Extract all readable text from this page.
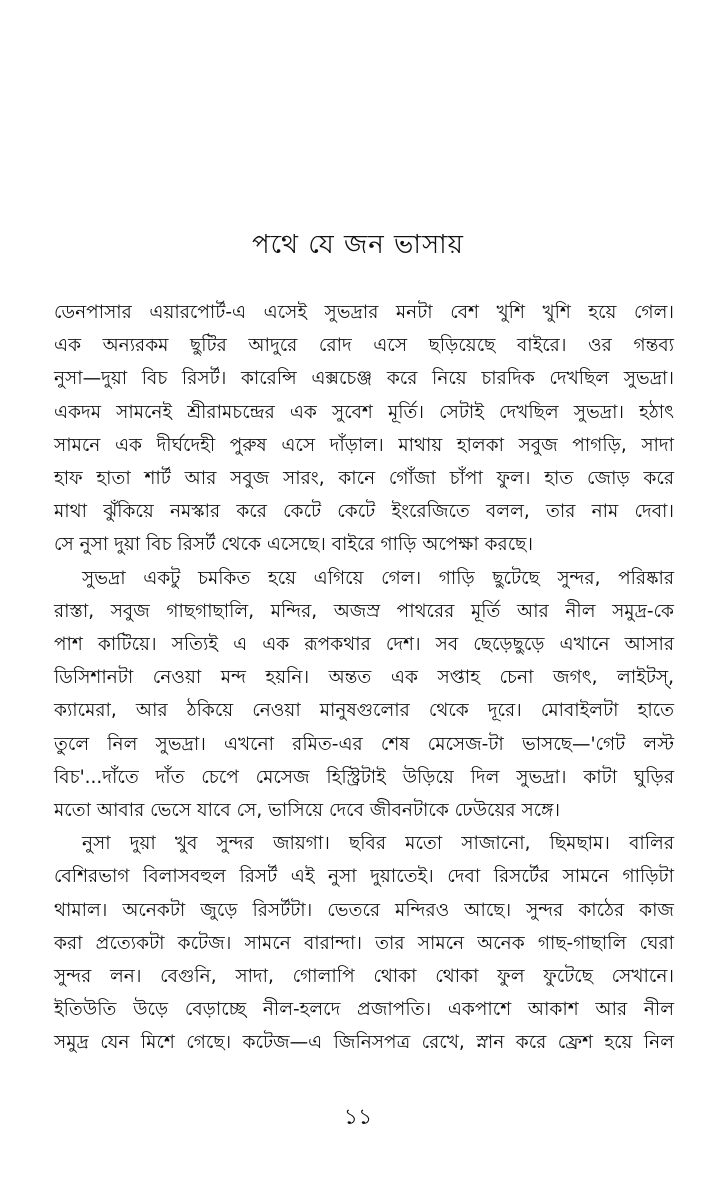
পথে যে জন ভাসায়
ডেনপাসার এয়ারপোর্ট-এ এসেই সুভদ্রার মনটা বেশ খুশি খুশি হয়ে গেল।
এক অন্যরকম ছুটির আদুরে রোদ এসে ছড়িয়েছে বাইরে। ওর গন্তব্য
নুসা—দুয়া বিচ রিসর্ট। কারেন্সি এক্সচেঞ্জ করে নিয়ে চারদিক দেখছিল সুভদ্রা।
একদম সামনেই শ্রীরামচন্দ্রের এক সুবেশ মূর্তি। সেটাই দেখছিল সুভদ্রা। হঠাৎ
সামনে এক দীর্ঘদেহী পুরুষ এসে দাঁড়াল। মাথায় হালকা সবুজ পাগড়ি, সাদা
হাফ হাতা শার্ট আর সবুজ সারং, কানে গোঁজা চাঁপা ফুল। হাত জোড় করে
মাথা ঝুঁকিয়ে নমস্কার করে কেটে কেটে ইংরেজিতে বলল, তার নাম দেবা।
সে নুসা দুয়া বিচ রিসর্ট থেকে এসেছে। বাইরে গাড়ি অপেক্ষা করছে।
সুভদ্রা একটু চমকিত হয়ে এগিয়ে গেল। গাড়ি ছুটেছে সুন্দর, পরিষ্কার
রাস্তা, সবুজ গাছগাছালি, মন্দির, অজস্র পাথরের মূর্তি আর নীল সমুদ্র-কে
পাশ কাটিয়ে। সত্যিই এ এক রূপকথার দেশ। সব ছেড়েছুড়ে এখানে আসার
ডিসিশানটা নেওয়া মন্দ হয়নি। অন্তত এক সপ্তাহ চেনা জগৎ, লাইটস্,
ক্যামেরা, আর ঠকিয়ে নেওয়া মানুষগুলোর থেকে দূরে। মোবাইলটা হাতে
তুলে নিল সুভদ্রা। এখনো রমিত-এর শেষ মেসেজ-টা ভাসছে—'গেট লস্ট
বিচ'...দাঁতে দাঁত চেপে মেসেজ হিস্ট্রিটাই উড়িয়ে দিল সুভদ্রা। কাটা ঘুড়ির
মতো আবার ভেসে যাবে সে, ভাসিয়ে দেবে জীবনটাকে ঢেউয়ের সঙ্গে।
নুসা দুয়া খুব সুন্দর জায়গা। ছবির মতো সাজানো, ছিমছাম। বালির
বেশিরভাগ বিলাসবহুল রিসর্ট এই নুসা দুয়াতেই। দেবা রিসর্টের সামনে গাড়িটা
থামাল। অনেকটা জুড়ে রিসর্টটা। ভেতরে মন্দিরও আছে। সুন্দর কাঠের কাজ
করা প্রত্যেকটা কটেজ। সামনে বারান্দা। তার সামনে অনেক গাছ-গাছালি ঘেরা
সুন্দর লন। বেগুনি, সাদা, গোলাপি থোকা থোকা ফুল ফুটেছে সেখানে।
ইতিউতি উড়ে বেড়াচ্ছে নীল-হলদে প্রজাপতি। একপাশে আকাশ আর নীল
সমুদ্র যেন মিশে গেছে। কটেজ—এ জিনিসপত্র রেখে, স্নান করে ফ্রেশ হয়ে নিল
১১
